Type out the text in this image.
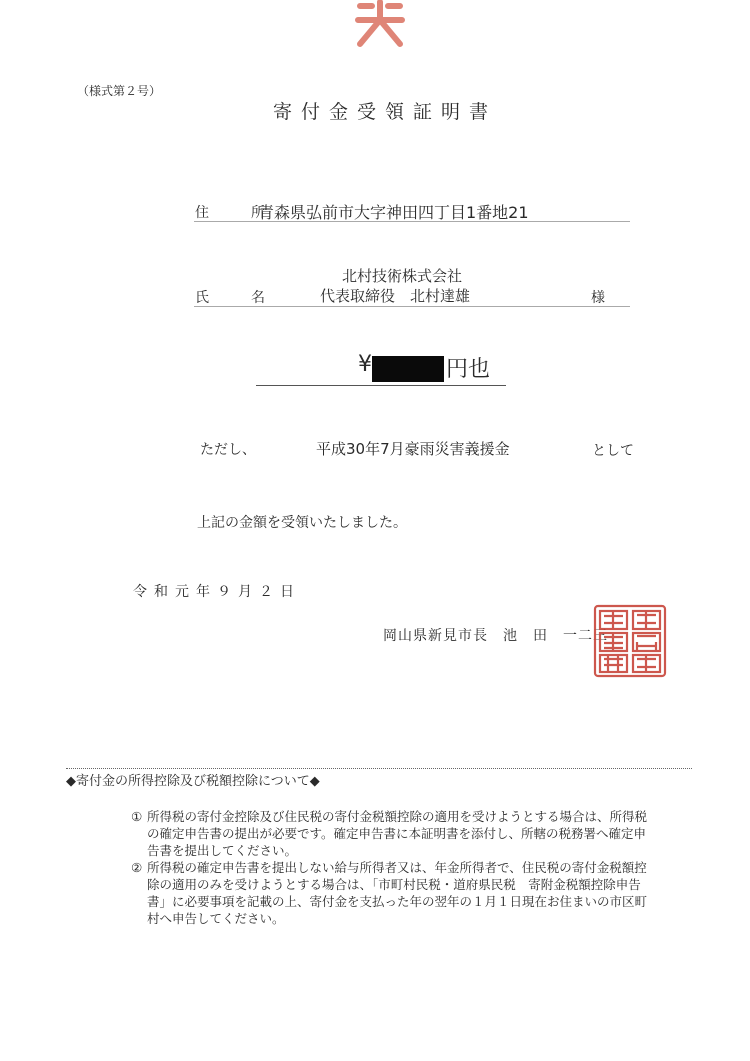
（様式第２号）
寄付金受領証明書
住　所
青森県弘前市大字神田四丁目1番地21
氏　名
北村技術株式会社
代表取締役　北村達雄	様
¥	円也
ただし、	平成30年7月豪雨災害義援金	として
上記の金額を受領いたしました。
令和元年９月２日
岡山県新見市長　池　田　一二三
◆寄付金の所得控除及び税額控除について◆
① 所得税の寄付金控除及び住民税の寄付金税額控除の適用を受けようとする場合は、所得税の確定申告書の提出が必要です。確定申告書に本証明書を添付し、所轄の税務署へ確定申告書を提出してください。
② 所得税の確定申告書を提出しない給与所得者又は、年金所得者で、住民税の寄付金税額控除の適用のみを受けようとする場合は、「市町村民税・道府県民税　寄附金税額控除申告書」に必要事項を記載の上、寄付金を支払った年の翌年の１月１日現在お住まいの市区町村へ申告してください。
